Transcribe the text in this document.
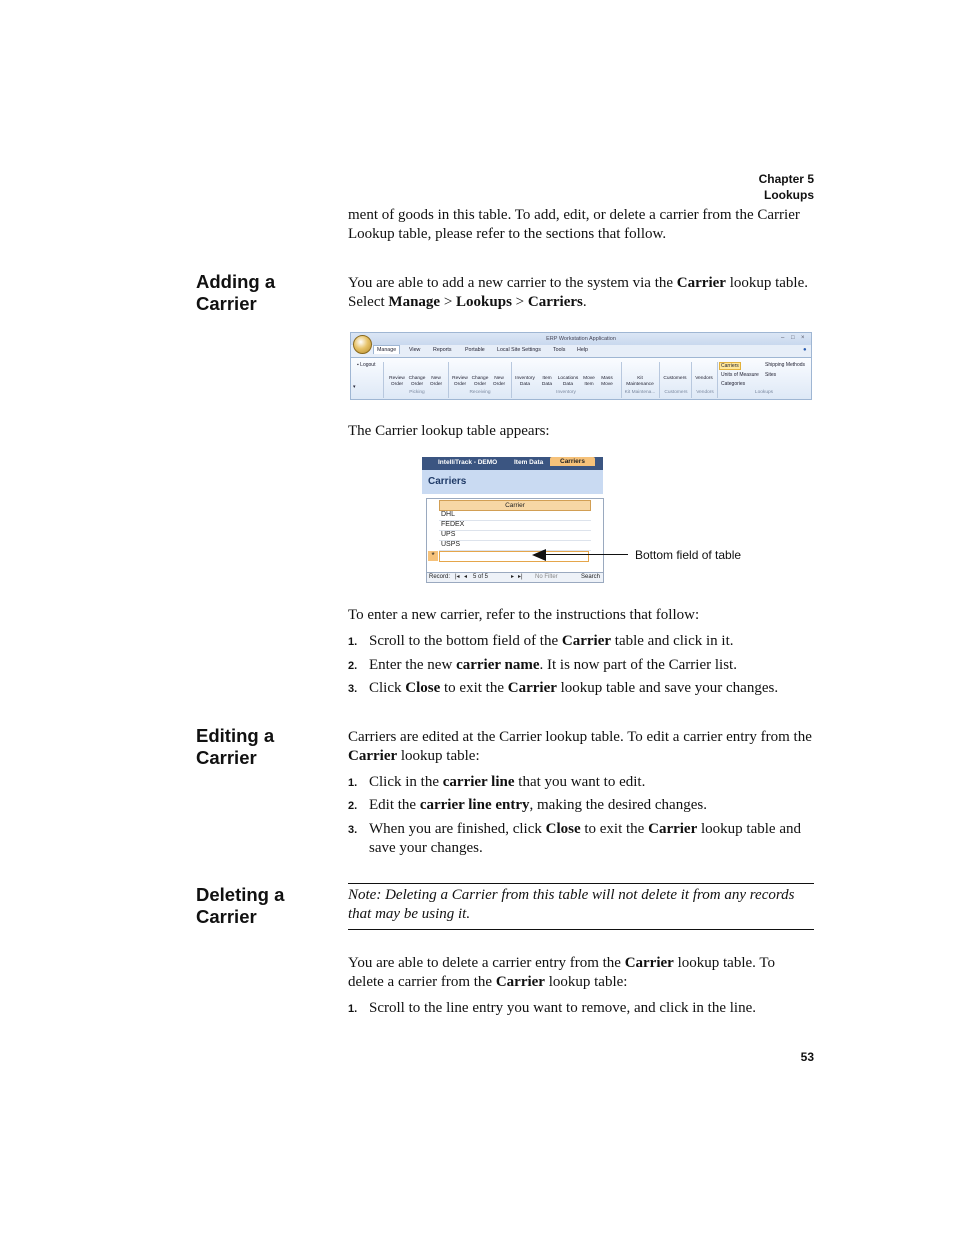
Chapter 5
Lookups
ment of goods in this table. To add, edit, or delete a carrier from the Carrier Lookup table, please refer to the sections that follow.
Adding a Carrier
You are able to add a new carrier to the system via the Carrier lookup table. Select Manage > Lookups > Carriers.
ERP Workstation Application	– □ ×
Manage	View Reports	Portable Local Site Settings Tools Help	●
▪ Logout
▾
Review Order
Change Order
New Order
Review Order
Change Order
New Order
Inventory Data
Item Data
Locations Data
Move Item
Mass Move
Kit Maintenance
Customers	Vendors
Carriers	Shipping Methods
Units of Measure Sites
Categories
Picking	Receiving	Inventory	Kit Maintena...	Customers	Vendors	Lookups
The Carrier lookup table appears:
IntelliTrack - DEMO	Item Data	Carriers
Carriers
Carrier
DHL
FEDEX
UPS
USPS
*
Record: |◂ ◂ 5 of 5	▸ ▸| No Filter	Search
Bottom field of table
To enter a new carrier, refer to the instructions that follow:
1. Scroll to the bottom field of the Carrier table and click in it.
2. Enter the new carrier name. It is now part of the Carrier list.
3. Click Close to exit the Carrier lookup table and save your changes.
Editing a Carrier
Carriers are edited at the Carrier lookup table. To edit a carrier entry from the Carrier lookup table:
1. Click in the carrier line that you want to edit.
2. Edit the carrier line entry, making the desired changes.
3. When you are finished, click Close to exit the Carrier lookup table and save your changes.
Deleting a Carrier
Note: Deleting a Carrier from this table will not delete it from any records that may be using it.
You are able to delete a carrier entry from the Carrier lookup table. To delete a carrier from the Carrier lookup table:
1. Scroll to the line entry you want to remove, and click in the line.
53
